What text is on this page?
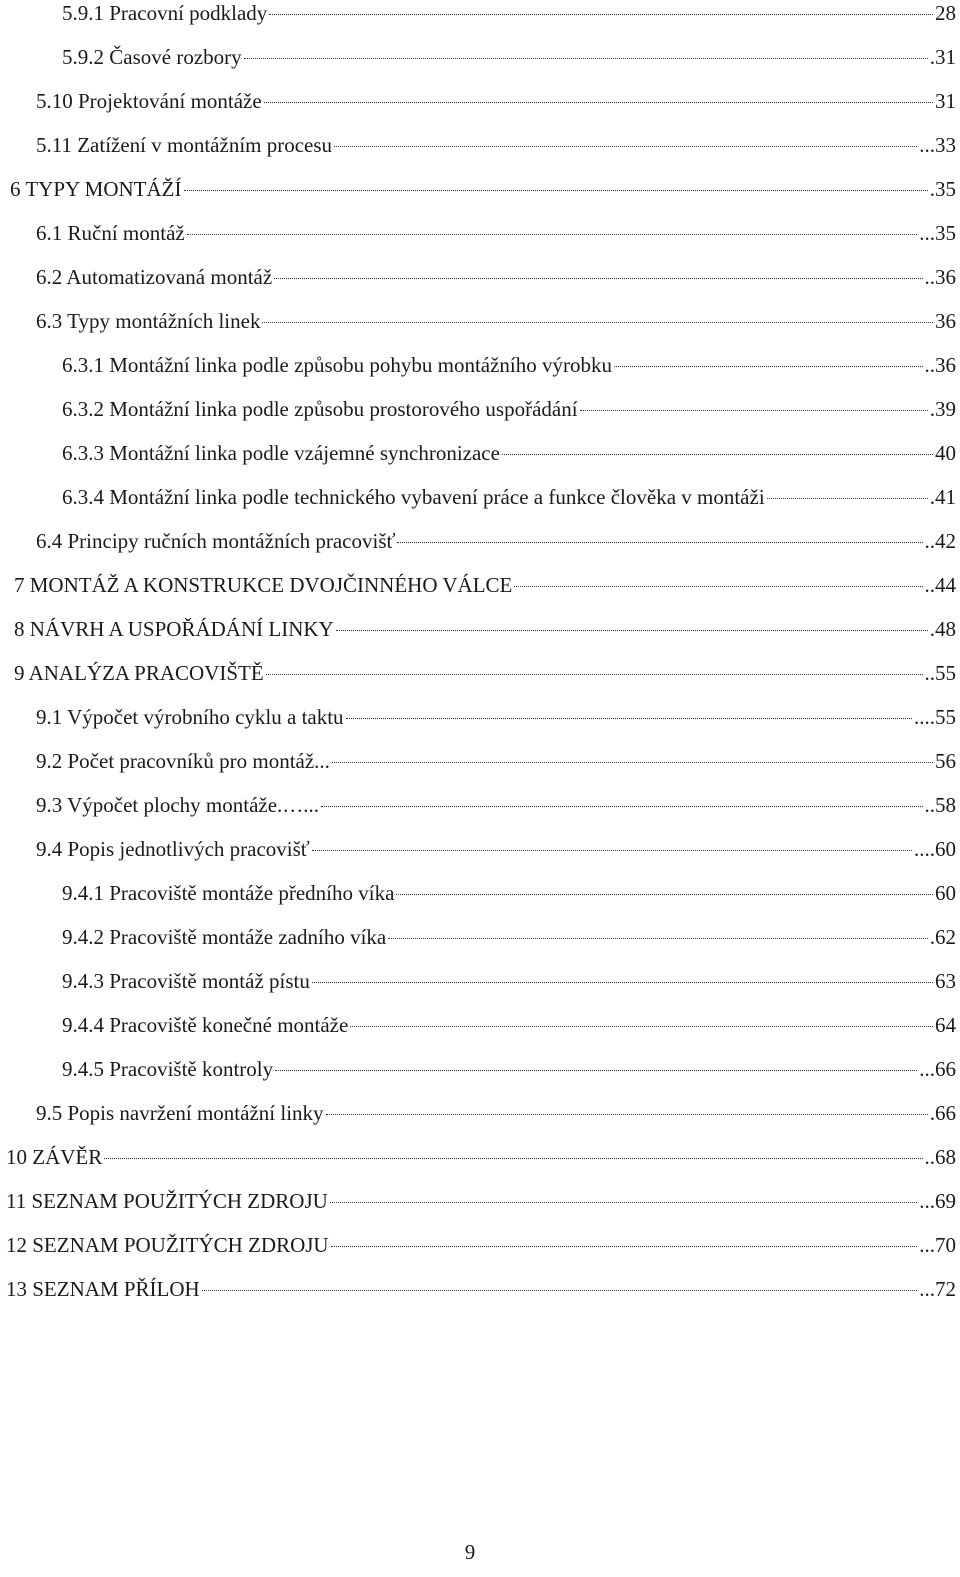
5.9.1 Pracovní podklady	28
5.9.2 Časové rozbory	.31
5.10 Projektování montáže	31
5.11 Zatížení v montážním procesu	...33
6 TYPY MONTÁŽÍ	.35
6.1 Ruční montáž	...35
6.2 Automatizovaná montáž	..36
6.3 Typy montážních linek	36
6.3.1 Montážní linka podle způsobu pohybu montážního výrobku	..36
6.3.2 Montážní linka podle způsobu prostorového uspořádání	.39
6.3.3 Montážní linka podle vzájemné synchronizace	40
6.3.4 Montážní linka podle technického vybavení práce a funkce člověka v montáži	.41
6.4 Principy ručních montážních pracovišť	..42
7 MONTÁŽ A KONSTRUKCE DVOJČINNÉHO VÁLCE	..44
8 NÁVRH A USPOŘÁDÁNÍ LINKY	.48
9 ANALÝZA PRACOVIŠTĚ	..55
9.1 Výpočet výrobního cyklu a taktu	....55
9.2 Počet pracovníků pro montáž...	56
9.3 Výpočet plochy montáže.…...	..58
9.4 Popis jednotlivých pracovišť	....60
9.4.1 Pracoviště montáže předního víka	60
9.4.2 Pracoviště montáže zadního víka	.62
9.4.3 Pracoviště montáž pístu	63
9.4.4 Pracoviště konečné montáže	64
9.4.5 Pracoviště kontroly	...66
9.5 Popis navržení montážní linky	.66
10 ZÁVĚR	..68
11 SEZNAM POUŽITÝCH ZDROJU	...69
12 SEZNAM POUŽITÝCH ZDROJU	...70
13 SEZNAM PŘÍLOH	...72
9
